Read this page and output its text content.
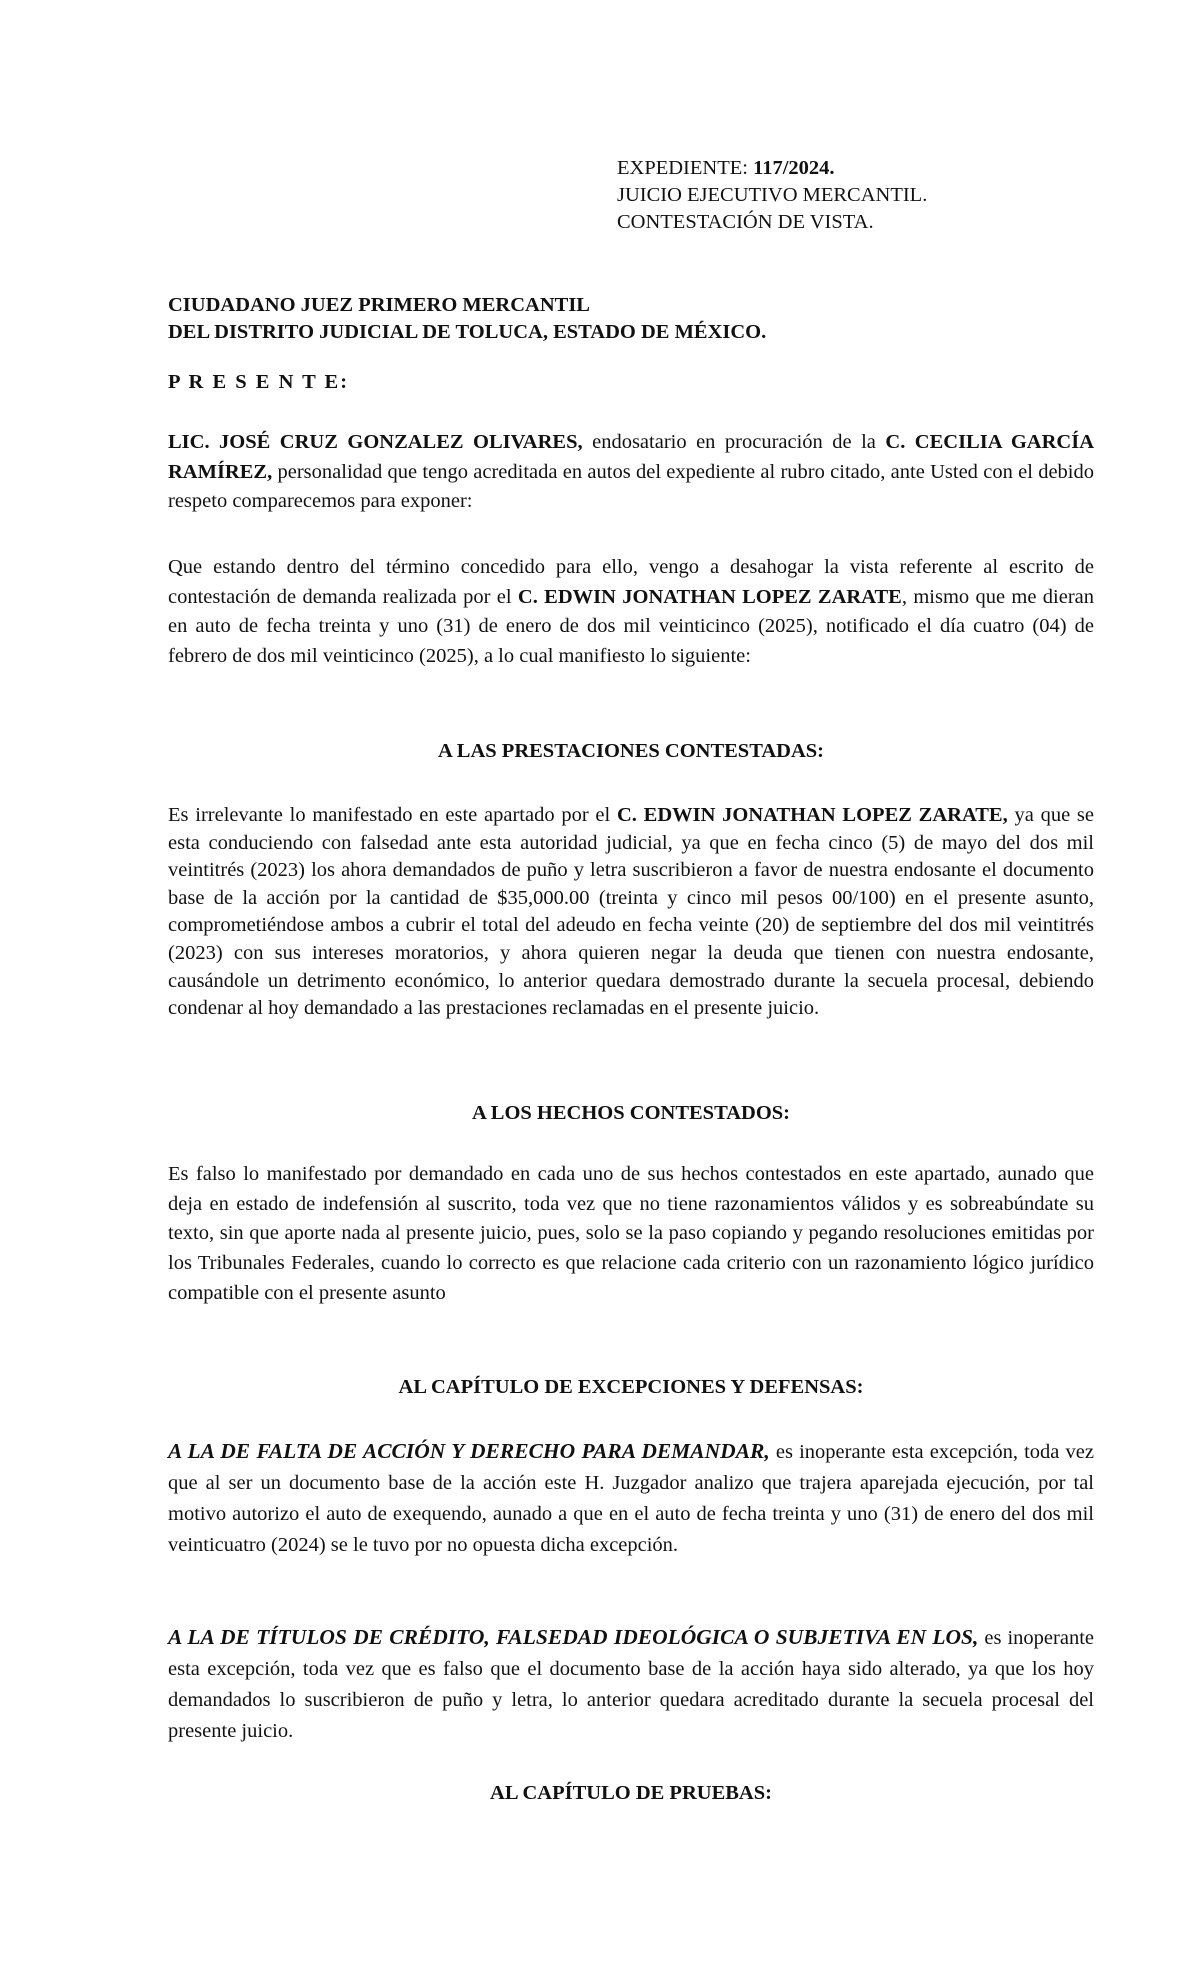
EXPEDIENTE: 117/2024.
JUICIO EJECUTIVO MERCANTIL.
CONTESTACIÓN DE VISTA.
CIUDADANO JUEZ PRIMERO MERCANTIL
DEL DISTRITO JUDICIAL DE TOLUCA, ESTADO DE MÉXICO.
P R E S E N T E:

LIC. JOSÉ CRUZ GONZALEZ OLIVARES, endosatario en procuración de la C. CECILIA GARCÍA RAMÍREZ, personalidad que tengo acreditada en autos del expediente al rubro citado, ante Usted con el debido respeto comparecemos para exponer:

Que estando dentro del término concedido para ello, vengo a desahogar la vista referente al escrito de contestación de demanda realizada por el C. EDWIN JONATHAN LOPEZ ZARATE, mismo que me dieran en auto de fecha treinta y uno (31) de enero de dos mil veinticinco (2025), notificado el día cuatro (04) de febrero de dos mil veinticinco (2025), a lo cual manifiesto lo siguiente:

A LAS PRESTACIONES CONTESTADAS:

Es irrelevante lo manifestado en este apartado por el C. EDWIN JONATHAN LOPEZ ZARATE, ya que se esta conduciendo con falsedad ante esta autoridad judicial, ya que en fecha cinco (5) de mayo del dos mil veintitrés (2023) los ahora demandados de puño y letra suscribieron a favor de nuestra endosante el documento base de la acción por la cantidad de $35,000.00 (treinta y cinco mil pesos 00/100) en el presente asunto, comprometiéndose ambos a cubrir el total del adeudo en fecha veinte (20) de septiembre del dos mil veintitrés (2023) con sus intereses moratorios, y ahora quieren negar la deuda que tienen con nuestra endosante, causándole un detrimento económico, lo anterior quedara demostrado durante la secuela procesal, debiendo condenar al hoy demandado a las prestaciones reclamadas en el presente juicio.

A LOS HECHOS CONTESTADOS:

Es falso lo manifestado por demandado en cada uno de sus hechos contestados en este apartado, aunado que deja en estado de indefensión al suscrito, toda vez que no tiene razonamientos válidos y es sobreabúndate su texto, sin que aporte nada al presente juicio, pues, solo se la paso copiando y pegando resoluciones emitidas por los Tribunales Federales, cuando lo correcto es que relacione cada criterio con un razonamiento lógico jurídico compatible con el presente asunto

AL CAPÍTULO DE EXCEPCIONES Y DEFENSAS:

A LA DE FALTA DE ACCIÓN Y DERECHO PARA DEMANDAR, es inoperante esta excepción, toda vez que al ser un documento base de la acción este H. Juzgador analizo que trajera aparejada ejecución, por tal motivo autorizo el auto de exequendo, aunado a que en el auto de fecha treinta y uno (31) de enero del dos mil veinticuatro (2024) se le tuvo por no opuesta dicha excepción.

A LA DE TÍTULOS DE CRÉDITO, FALSEDAD IDEOLÓGICA O SUBJETIVA EN LOS, es inoperante esta excepción, toda vez que es falso que el documento base de la acción haya sido alterado, ya que los hoy demandados lo suscribieron de puño y letra, lo anterior quedara acreditado durante la secuela procesal del presente juicio.

AL CAPÍTULO DE PRUEBAS:
